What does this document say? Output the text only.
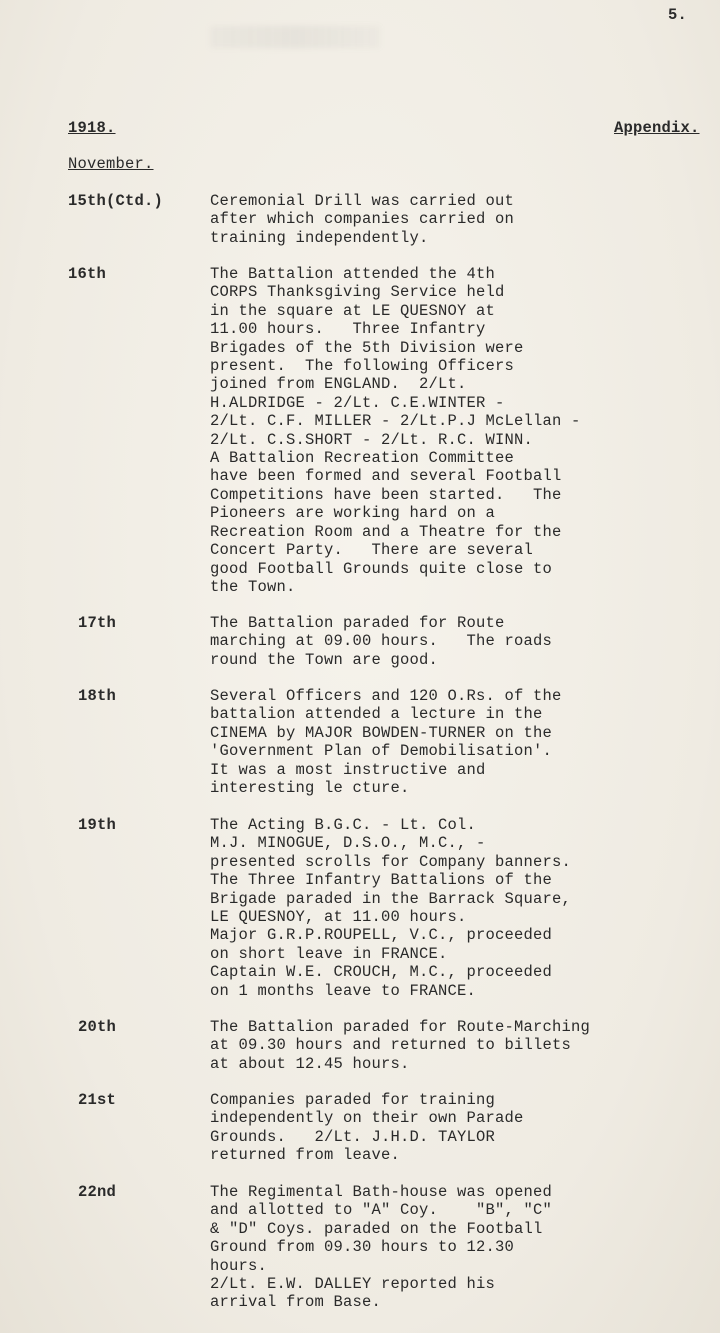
5.
1918.	Appendix.
November.
15th(Ctd.)	Ceremonial Drill was carried out
after which companies carried on
training independently.
16th	The Battalion attended the 4th
CORPS Thanksgiving Service held
in the square at LE QUESNOY at
11.00 hours.   Three Infantry
Brigades of the 5th Division were
present.  The following Officers
joined from ENGLAND.  2/Lt.
H.ALDRIDGE - 2/Lt. C.E.WINTER -
2/Lt. C.F. MILLER - 2/Lt.P.J McLellan -
2/Lt. C.S.SHORT - 2/Lt. R.C. WINN.
A Battalion Recreation Committee
have been formed and several Football
Competitions have been started.   The
Pioneers are working hard on a
Recreation Room and a Theatre for the
Concert Party.   There are several
good Football Grounds quite close to
the Town.
17th	The Battalion paraded for Route
marching at 09.00 hours.   The roads
round the Town are good.
18th	Several Officers and 120 O.Rs. of the
battalion attended a lecture in the
CINEMA by MAJOR BOWDEN-TURNER on the
'Government Plan of Demobilisation'.
It was a most instructive and
interesting le cture.
19th	The Acting B.G.C. - Lt. Col.
M.J. MINOGUE, D.S.O., M.C., -
presented scrolls for Company banners.
The Three Infantry Battalions of the
Brigade paraded in the Barrack Square,
LE QUESNOY, at 11.00 hours.
Major G.R.P.ROUPELL, V.C., proceeded
on short leave in FRANCE.
Captain W.E. CROUCH, M.C., proceeded
on 1 months leave to FRANCE.
20th	The Battalion paraded for Route-Marching
at 09.30 hours and returned to billets
at about 12.45 hours.
21st	Companies paraded for training
independently on their own Parade
Grounds.   2/Lt. J.H.D. TAYLOR
returned from leave.
22nd	The Regimental Bath-house was opened
and allotted to "A" Coy.    "B", "C"
& "D" Coys. paraded on the Football
Ground from 09.30 hours to 12.30
hours.
2/Lt. E.W. DALLEY reported his
arrival from Base.
